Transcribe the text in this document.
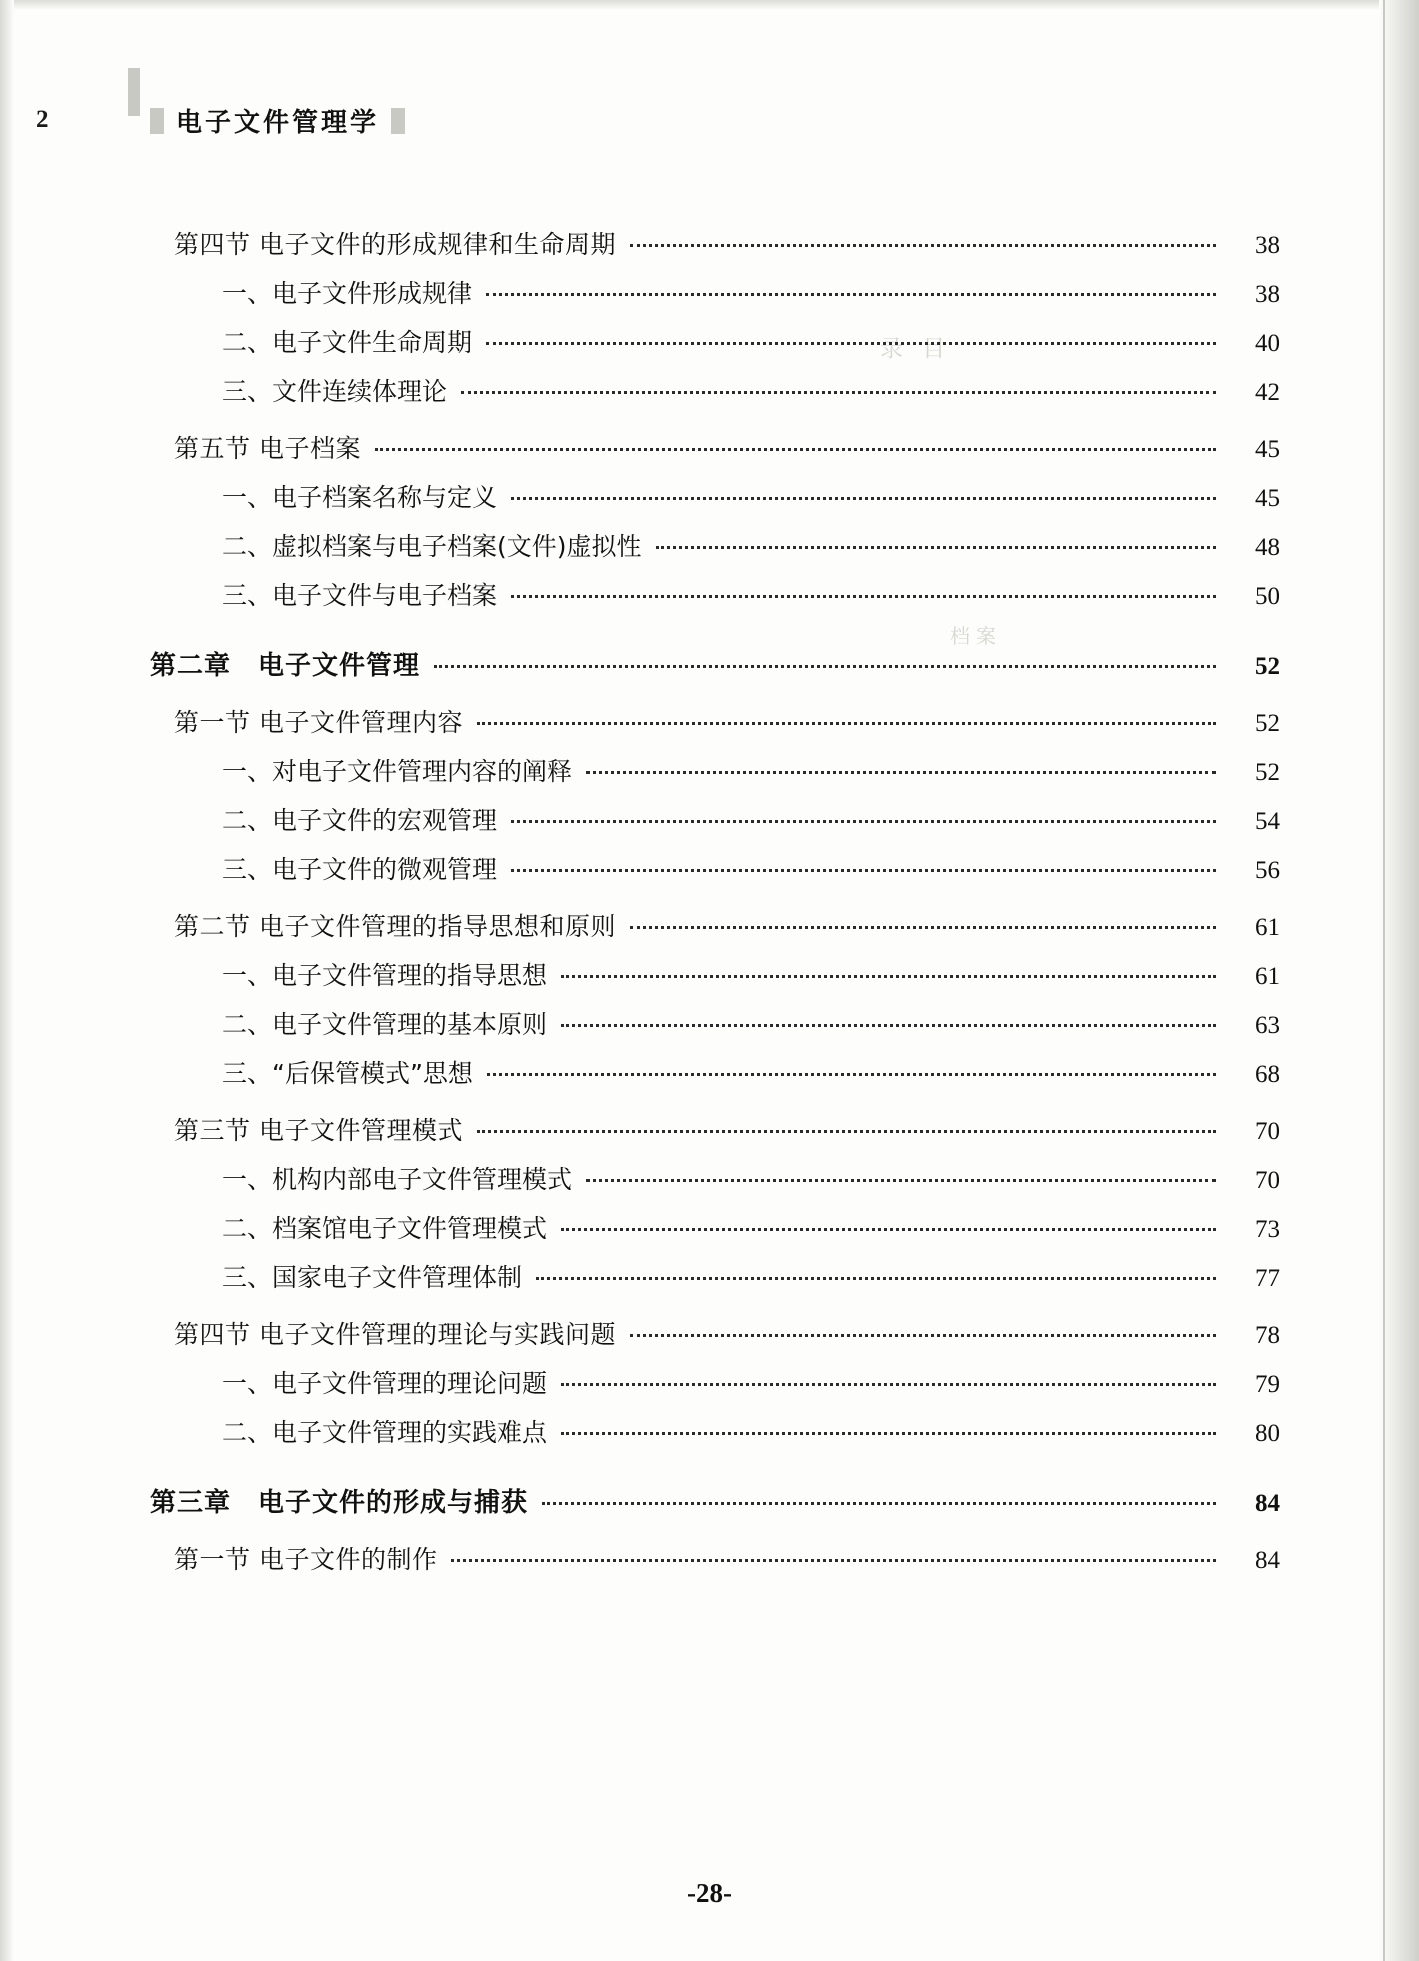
录 目
档案
2	电子文件管理学
第四节 电子文件的形成规律和生命周期	38
一、电子文件形成规律	38
二、电子文件生命周期	40
三、文件连续体理论	42
第五节 电子档案	45
一、电子档案名称与定义	45
二、虚拟档案与电子档案(文件)虚拟性	48
三、电子文件与电子档案	50
第二章　电子文件管理	52
第一节 电子文件管理内容	52
一、对电子文件管理内容的阐释	52
二、电子文件的宏观管理	54
三、电子文件的微观管理	56
第二节 电子文件管理的指导思想和原则	61
一、电子文件管理的指导思想	61
二、电子文件管理的基本原则	63
三、“后保管模式”思想	68
第三节 电子文件管理模式	70
一、机构内部电子文件管理模式	70
二、档案馆电子文件管理模式	73
三、国家电子文件管理体制	77
第四节 电子文件管理的理论与实践问题	78
一、电子文件管理的理论问题	79
二、电子文件管理的实践难点	80
第三章　电子文件的形成与捕获	84
第一节 电子文件的制作	84
-28-
